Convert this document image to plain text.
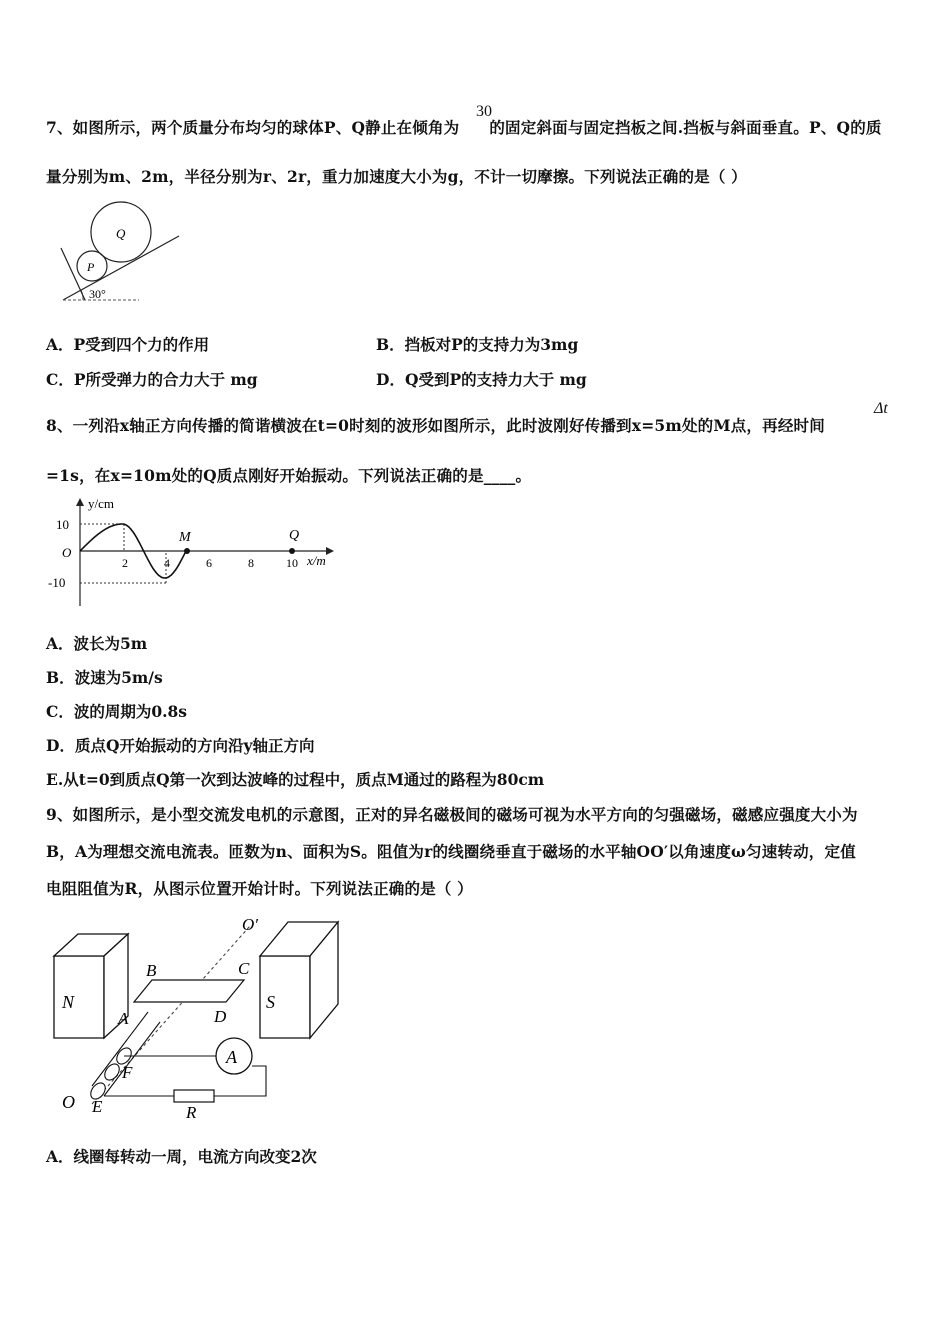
7、如图所示，两个质量分布均匀的球体P、Q静止在倾角为 的固定斜面与固定挡板之间.挡板与斜面垂直。P、Q的质
30
量分别为m、2m，半径分别为r、2r，重力加速度大小为g，不计一切摩擦。下列说法正确的是（ ）
Q
P
30°
A．P受到四个力的作用	B．挡板对P的支持力为3mg
C．P所受弹力的合力大于 mg	D．Q受到P的支持力大于 mg
8、一列沿x轴正方向传播的简谐横波在t=0时刻的波形如图所示，此时波刚好传播到x=5m处的M点，再经时间
Δt
=1s，在x=10m处的Q质点刚好开始振动。下列说法正确的是____。
M	Q
y/cm
x/m
O
10
-10
2	4	6	8	10
A．波长为5m
B．波速为5m/s
C．波的周期为0.8s
D．质点Q开始振动的方向沿y轴正方向
E.从t=0到质点Q第一次到达波峰的过程中，质点M通过的路程为80cm
9、如图所示，是小型交流发电机的示意图，正对的异名磁极间的磁场可视为水平方向的匀强磁场，磁感应强度大小为
B，A为理想交流电流表。匝数为n、面积为S。阻值为r的线圈绕垂直于磁场的水平轴OO′以角速度ω匀速转动，定值
电阻阻值为R，从图示位置开始计时。下列说法正确的是（ ）
N	S
B	C
A	D
O′
F
O E
A
R
A．线圈每转动一周，电流方向改变2次
